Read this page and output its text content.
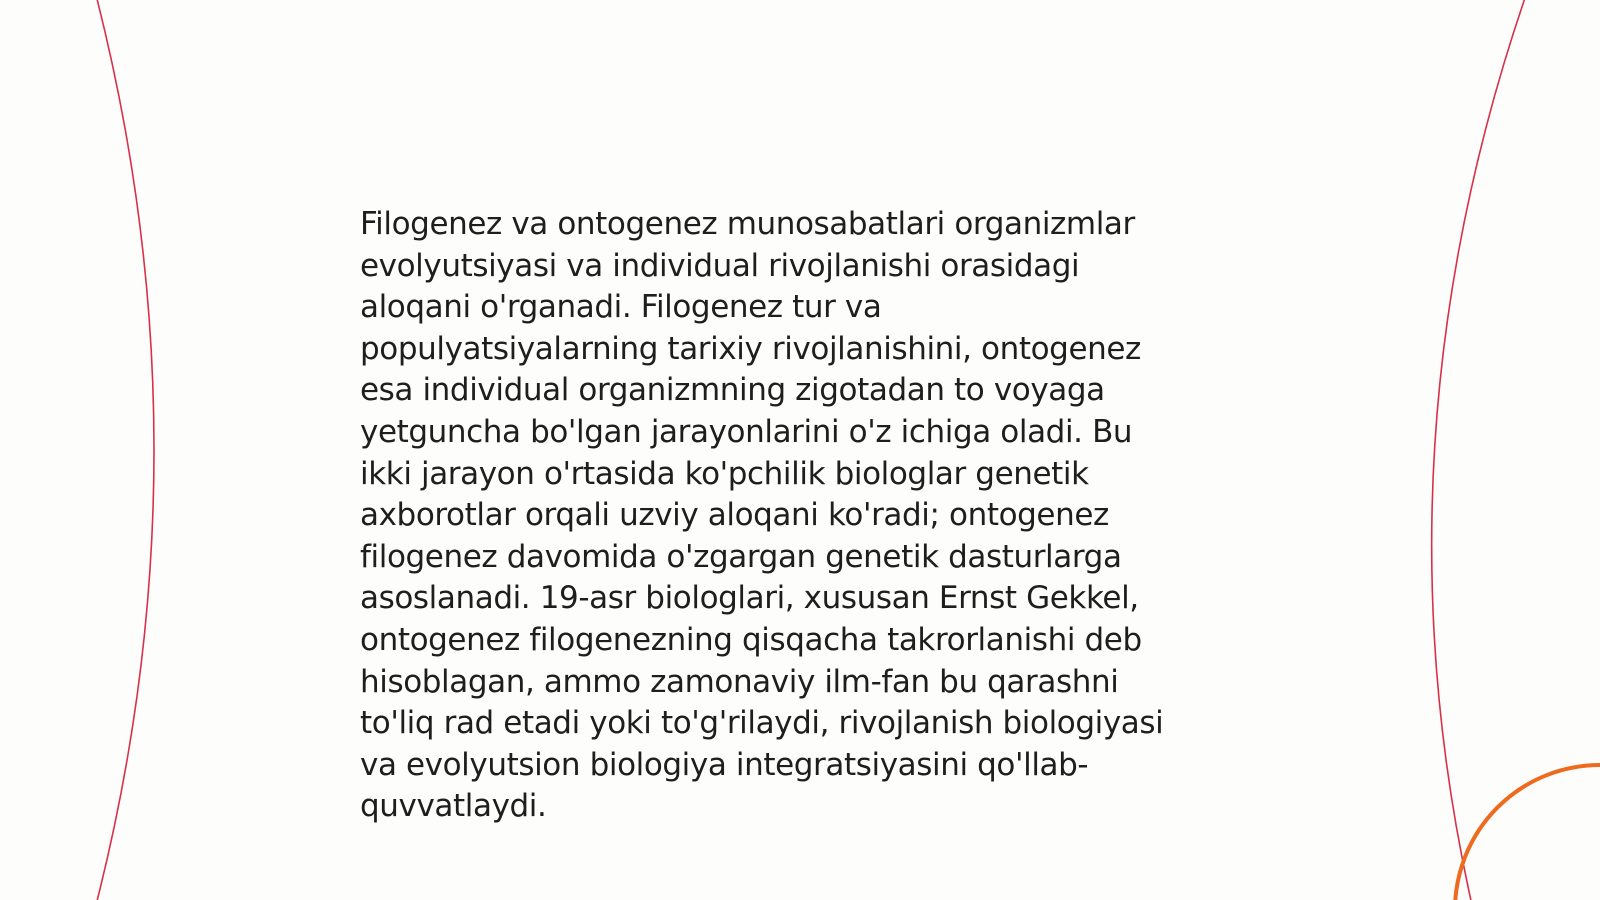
Filogenez va ontogenez munosabatlari organizmlar
evolyutsiyasi va individual rivojlanishi orasidagi
aloqani o'rganadi. Filogenez tur va
populyatsiyalarning tarixiy rivojlanishini, ontogenez
esa individual organizmning zigotadan to voyaga
yetguncha bo'lgan jarayonlarini o'z ichiga oladi. Bu
ikki jarayon o'rtasida ko'pchilik biologlar genetik
axborotlar orqali uzviy aloqani ko'radi; ontogenez
filogenez davomida o'zgargan genetik dasturlarga
asoslanadi. 19-asr biologlari, xususan Ernst Gekkel,
ontogenez filogenezning qisqacha takrorlanishi deb
hisoblagan, ammo zamonaviy ilm-fan bu qarashni
to'liq rad etadi yoki to'g'rilaydi, rivojlanish biologiyasi
va evolyutsion biologiya integratsiyasini qo'llab-
quvvatlaydi.
